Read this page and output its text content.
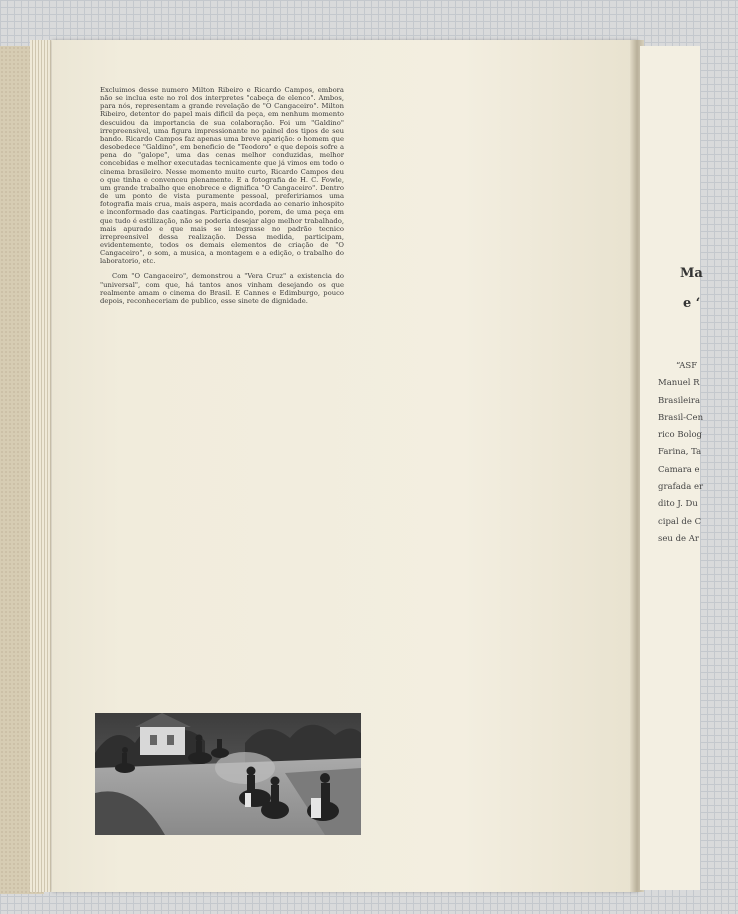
Excluimos desse numero Milton Ribeiro e Ricardo Campos, embora não se inclua este no rol dos interpretes "cabeça de elenco". Ambos, para nós, representam a grande revelação de "O Cangaceiro". Milton Ribeiro, detentor do papel mais dificil da peça, em nenhum momento descuidou da importancia de sua colaboração. Foi um "Galdino" irrepreensivel, uma figura impressionante no painel dos tipos de seu bando. Ricardo Campos faz apenas uma breve aparição: o homem que desobedece "Galdino", em beneficio de "Teodoro" e que depois sofre a pena do "galope", uma das cenas melhor conduzidas, melhor concebidas e melhor executadas tecnicamente que já vimos em todo o cinema brasileiro. Nesse momento muito curto, Ricardo Campos deu o que tinha e convenceu plenamente. E a fotografia de H. C. Fowle, um grande trabalho que enobrece e dignifica "O Cangaceiro". Dentro de um ponto de vista puramente pessoal, prefeririamos uma fotografia mais crua, mais aspera, mais acordada ao cenario inhospito e inconformado das caatingas. Participando, porem, de uma peça em que tudo é estilização, não se poderia desejar algo melhor trabalhado, mais apurado e que mais se integrasse no padrão tecnico irrepreensivel dessa realização. Dessa medida, participam, evidentemente, todos os demais elementos de criação de "O Cangaceiro", o som, a musica, a montagem e a edição, o trabalho do laboratorio, etc.

Com "O Cangaceiro", demonstrou a "Vera Cruz" a existencia do "universal", com que, há tantos anos vinham desejando os que realmente amam o cinema do Brasil. E Cannes e Edimburgo, pouco depois, reconheceriam de publico, esse sinete de dignidade.

Ma
e ‘
“ASF
Manuel R
Brasileira
Brasil-Cen
rico Bolog
Farina, Ta
Camara e
grafada er
dito J. Du
cipal de C
seu de Ar
